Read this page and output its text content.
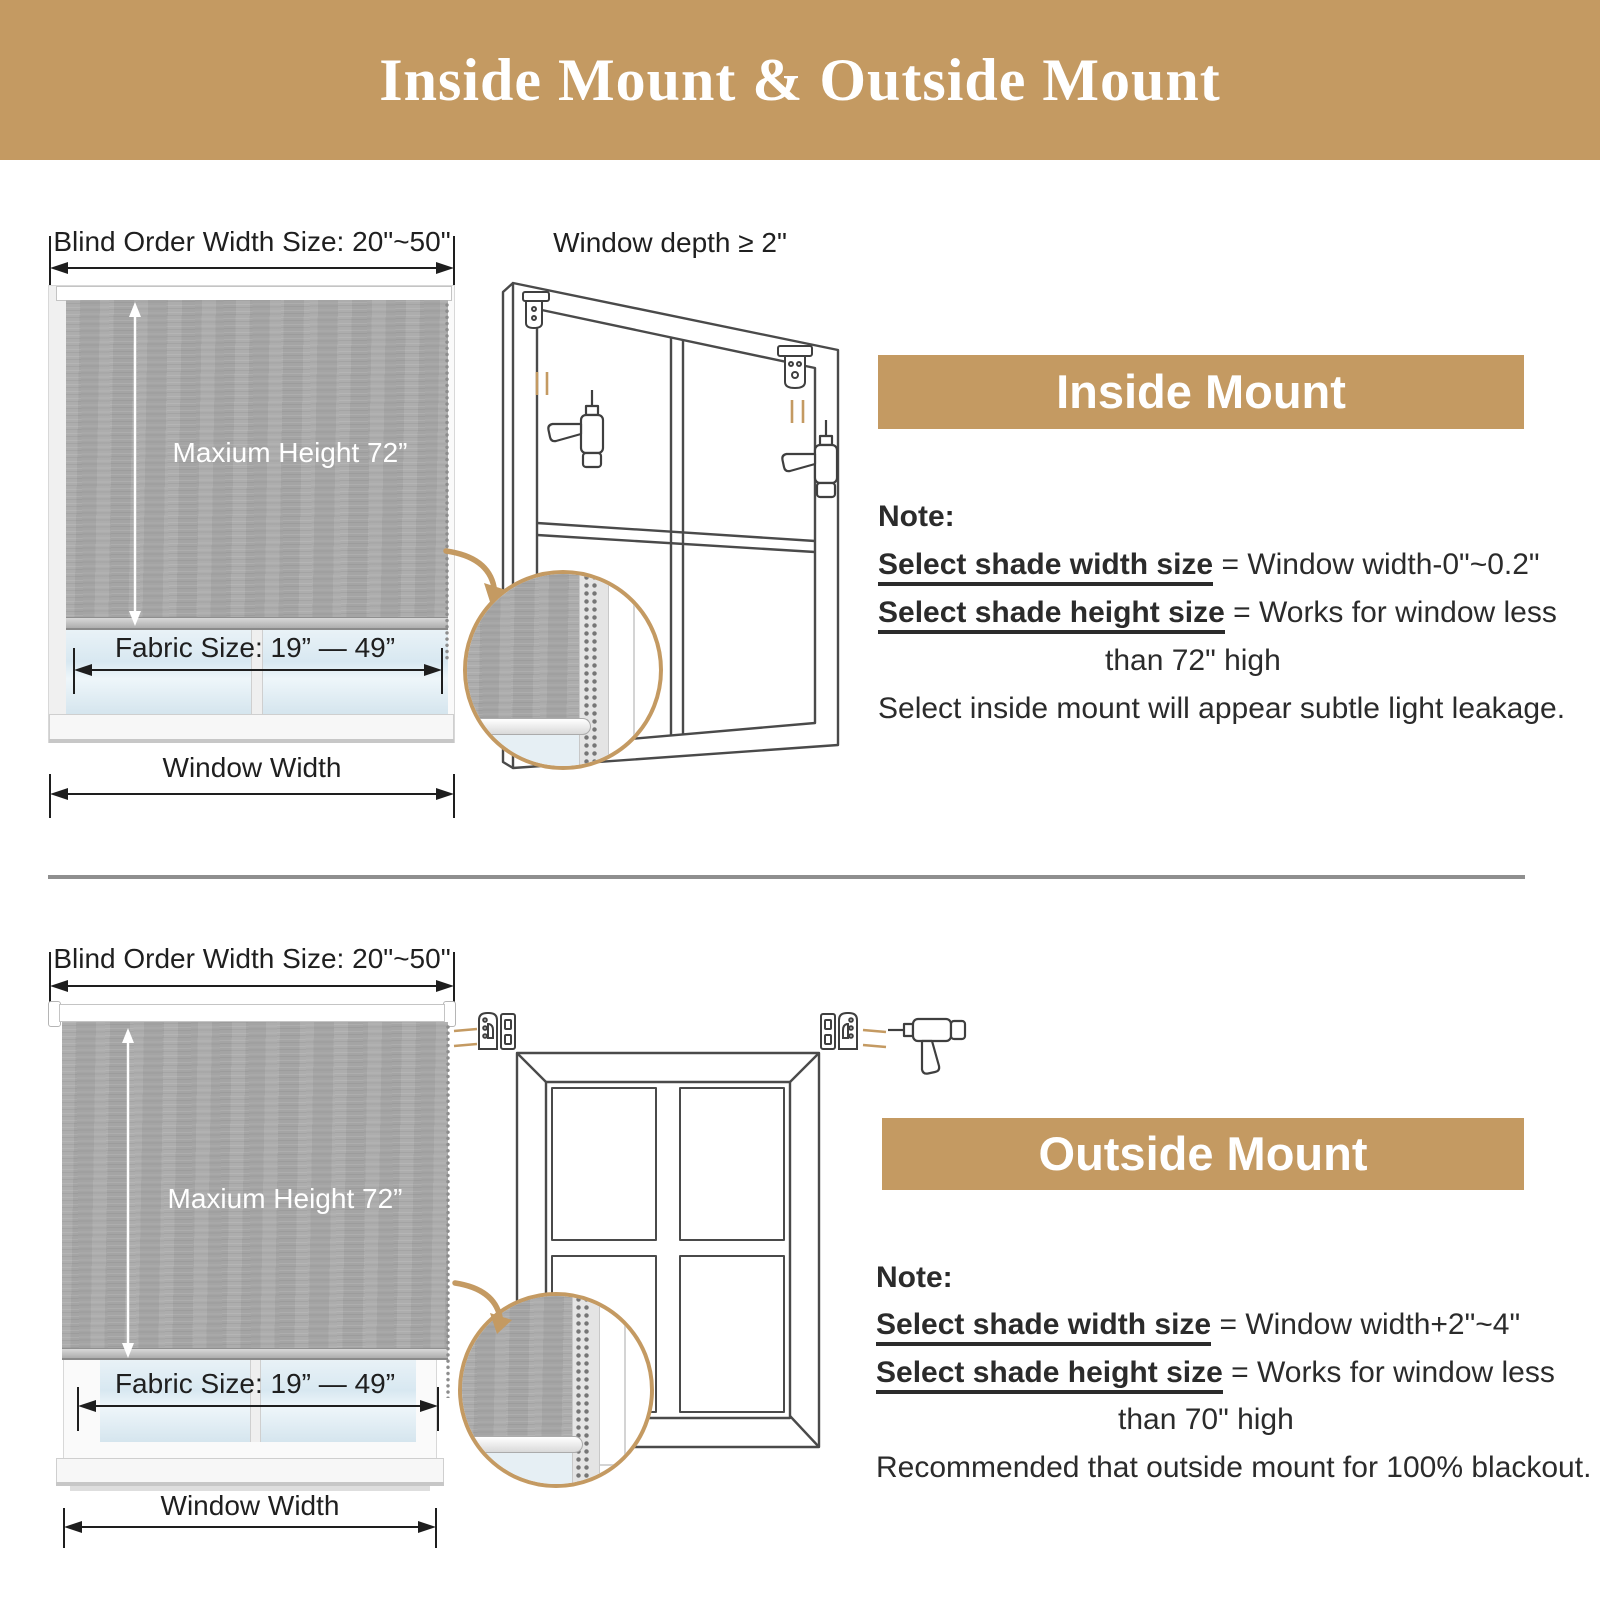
Inside Mount & Outside Mount
Blind Order Width Size: 20"~50"
Maxium Height 72”
Fabric Size: 19” — 49”
Window Width
Window depth ≥ 2"
Inside Mount
Note:
Select shade width size = Window width-0"~0.2"
Select shade height size = Works for window less
than 72" high
Select inside mount will appear subtle light leakage.
Blind Order Width Size: 20"~50"
Maxium Height 72”
Fabric Size: 19” — 49”
Window Width
Outside Mount
Note:
Select shade width size = Window width+2"~4"
Select shade height size = Works for window less
than 70" high
Recommended that outside mount for 100% blackout.
